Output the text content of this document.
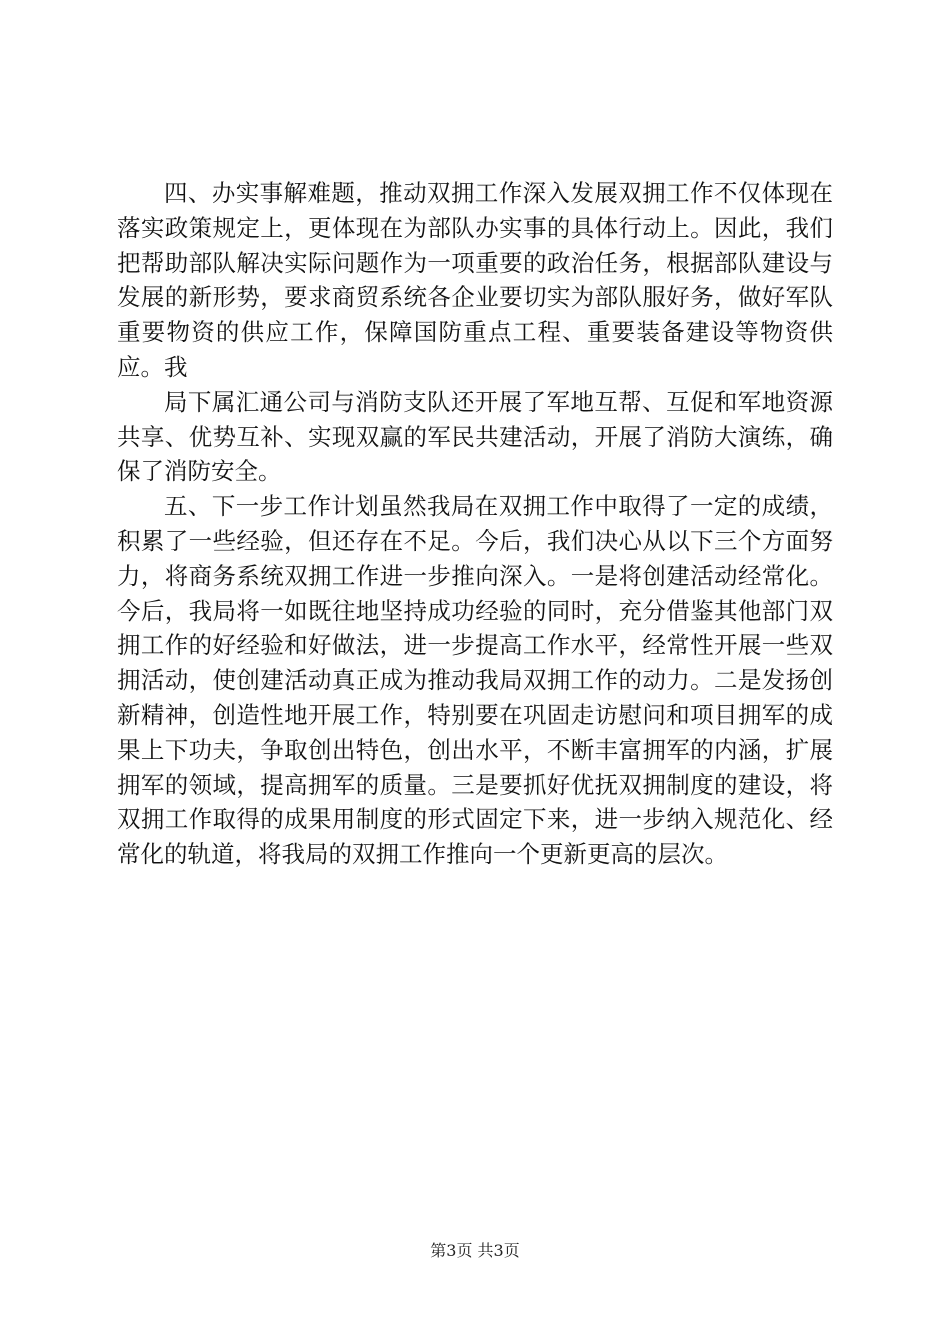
四、办实事解难题，推动双拥工作深入发展双拥工作不仅体现在落实政策规定上，更体现在为部队办实事的具体行动上。因此，我们把帮助部队解决实际问题作为一项重要的政治任务，根据部队建设与发展的新形势，要求商贸系统各企业要切实为部队服好务，做好军队重要物资的供应工作，保障国防重点工程、重要装备建设等物资供应。我

局下属汇通公司与消防支队还开展了军地互帮、互促和军地资源共享、优势互补、实现双赢的军民共建活动，开展了消防大演练，确保了消防安全。

五、下一步工作计划虽然我局在双拥工作中取得了一定的成绩，积累了一些经验，但还存在不足。今后，我们决心从以下三个方面努力，将商务系统双拥工作进一步推向深入。一是将创建活动经常化。今后，我局将一如既往地坚持成功经验的同时，充分借鉴其他部门双拥工作的好经验和好做法，进一步提高工作水平，经常性开展一些双拥活动，使创建活动真正成为推动我局双拥工作的动力。二是发扬创新精神，创造性地开展工作，特别要在巩固走访慰问和项目拥军的成果上下功夫，争取创出特色，创出水平，不断丰富拥军的内涵，扩展拥军的领域，提高拥军的质量。三是要抓好优抚双拥制度的建设，将双拥工作取得的成果用制度的形式固定下来，进一步纳入规范化、经常化的轨道，将我局的双拥工作推向一个更新更高的层次。

第3页 共3页
